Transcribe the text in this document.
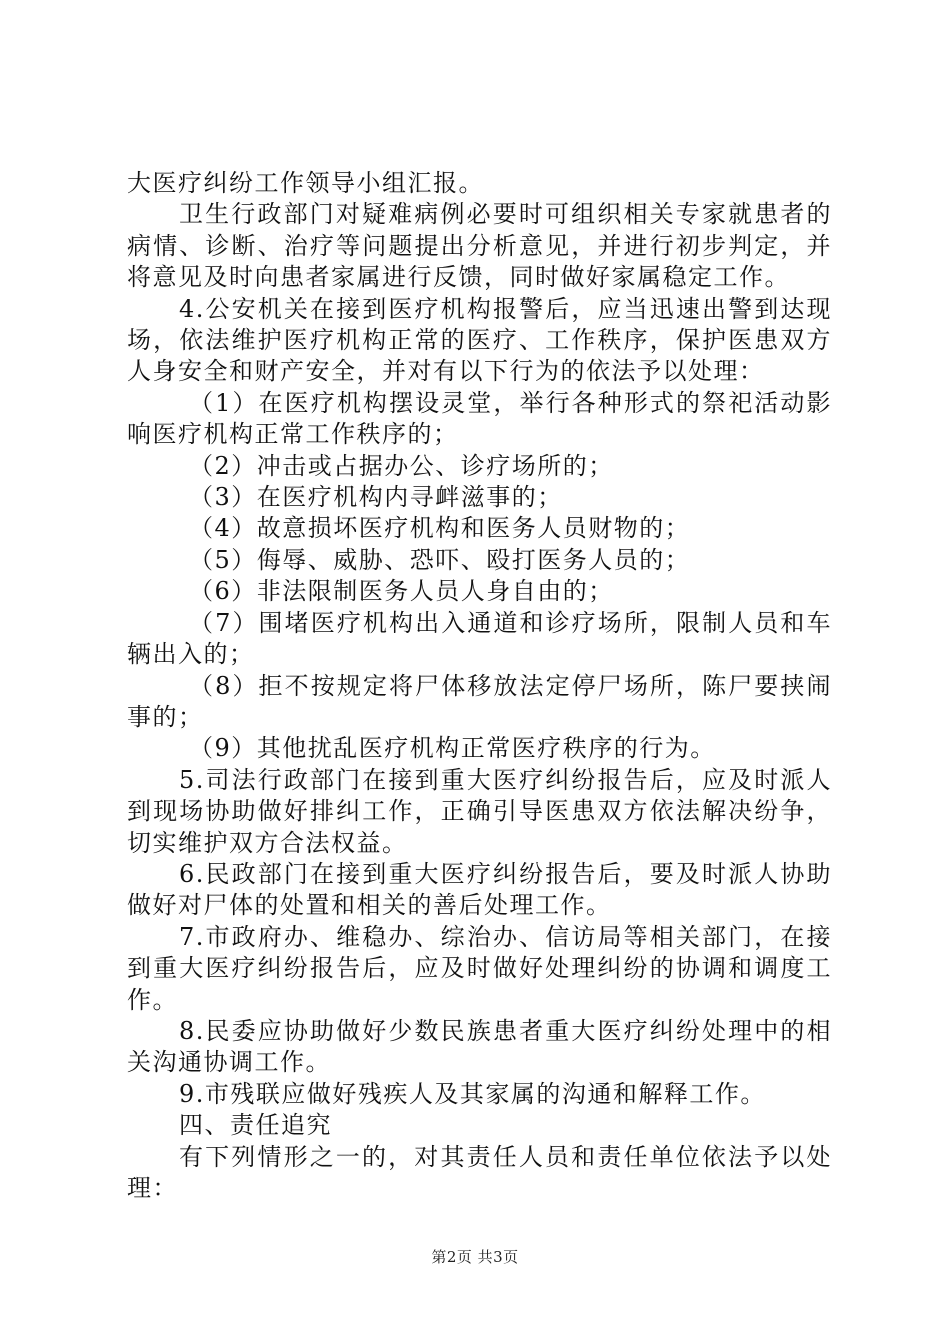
大医疗纠纷工作领导小组汇报。

卫生行政部门对疑难病例必要时可组织相关专家就患者的病情、诊断、治疗等问题提出分析意见，并进行初步判定，并将意见及时向患者家属进行反馈，同时做好家属稳定工作。

4.公安机关在接到医疗机构报警后，应当迅速出警到达现场，依法维护医疗机构正常的医疗、工作秩序，保护医患双方人身安全和财产安全，并对有以下行为的依法予以处理：

（1）在医疗机构摆设灵堂，举行各种形式的祭祀活动影响医疗机构正常工作秩序的；

（2）冲击或占据办公、诊疗场所的；

（3）在医疗机构内寻衅滋事的；

（4）故意损坏医疗机构和医务人员财物的；

（5）侮辱、威胁、恐吓、殴打医务人员的；

（6）非法限制医务人员人身自由的；

（7）围堵医疗机构出入通道和诊疗场所，限制人员和车辆出入的；

（8）拒不按规定将尸体移放法定停尸场所，陈尸要挟闹事的；

（9）其他扰乱医疗机构正常医疗秩序的行为。

5.司法行政部门在接到重大医疗纠纷报告后，应及时派人到现场协助做好排纠工作，正确引导医患双方依法解决纷争，切实维护双方合法权益。

6.民政部门在接到重大医疗纠纷报告后，要及时派人协助做好对尸体的处置和相关的善后处理工作。

7.市政府办、维稳办、综治办、信访局等相关部门，在接到重大医疗纠纷报告后，应及时做好处理纠纷的协调和调度工作。

8.民委应协助做好少数民族患者重大医疗纠纷处理中的相关沟通协调工作。

9.市残联应做好残疾人及其家属的沟通和解释工作。

四、责任追究

有下列情形之一的，对其责任人员和责任单位依法予以处理：

第2页 共3页
